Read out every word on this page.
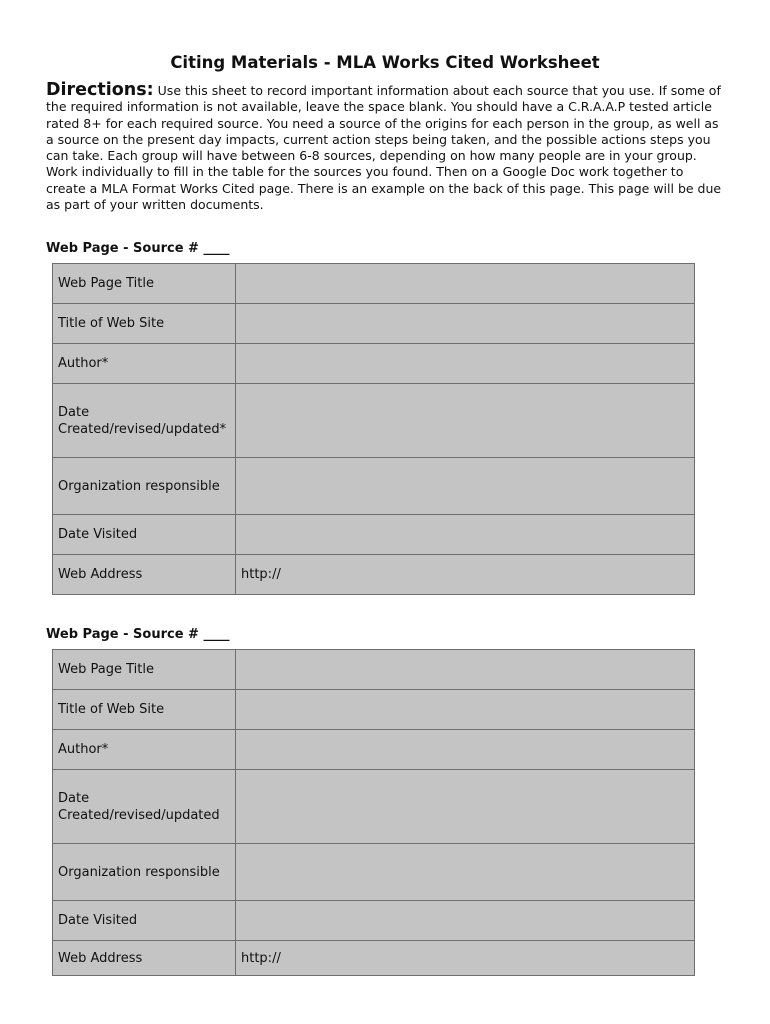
Citing Materials - MLA Works Cited Worksheet
Directions: Use this sheet to record important information about each source that you use. If some of the required information is not available, leave the space blank. You should have a C.R.A.A.P tested article rated 8+ for each required source. You need a source of the origins for each person in the group, as well as a source on the present day impacts, current action steps being taken, and the possible actions steps you can take. Each group will have between 6-8 sources, depending on how many people are in your group. Work individually to fill in the table for the sources you found. Then on a Google Doc work together to create a MLA Format Works Cited page. There is an example on the back of this page. This page will be due as part of your written documents.
Web Page - Source # ____
Web Page Title	
Title of Web Site	
Author*	
Date Created/revised/updated*	
Organization responsible	
Date Visited	
Web Address	http://
Web Page - Source # ____
Web Page Title	
Title of Web Site	
Author*	
Date Created/revised/updated	
Organization responsible	
Date Visited	
Web Address	http://
